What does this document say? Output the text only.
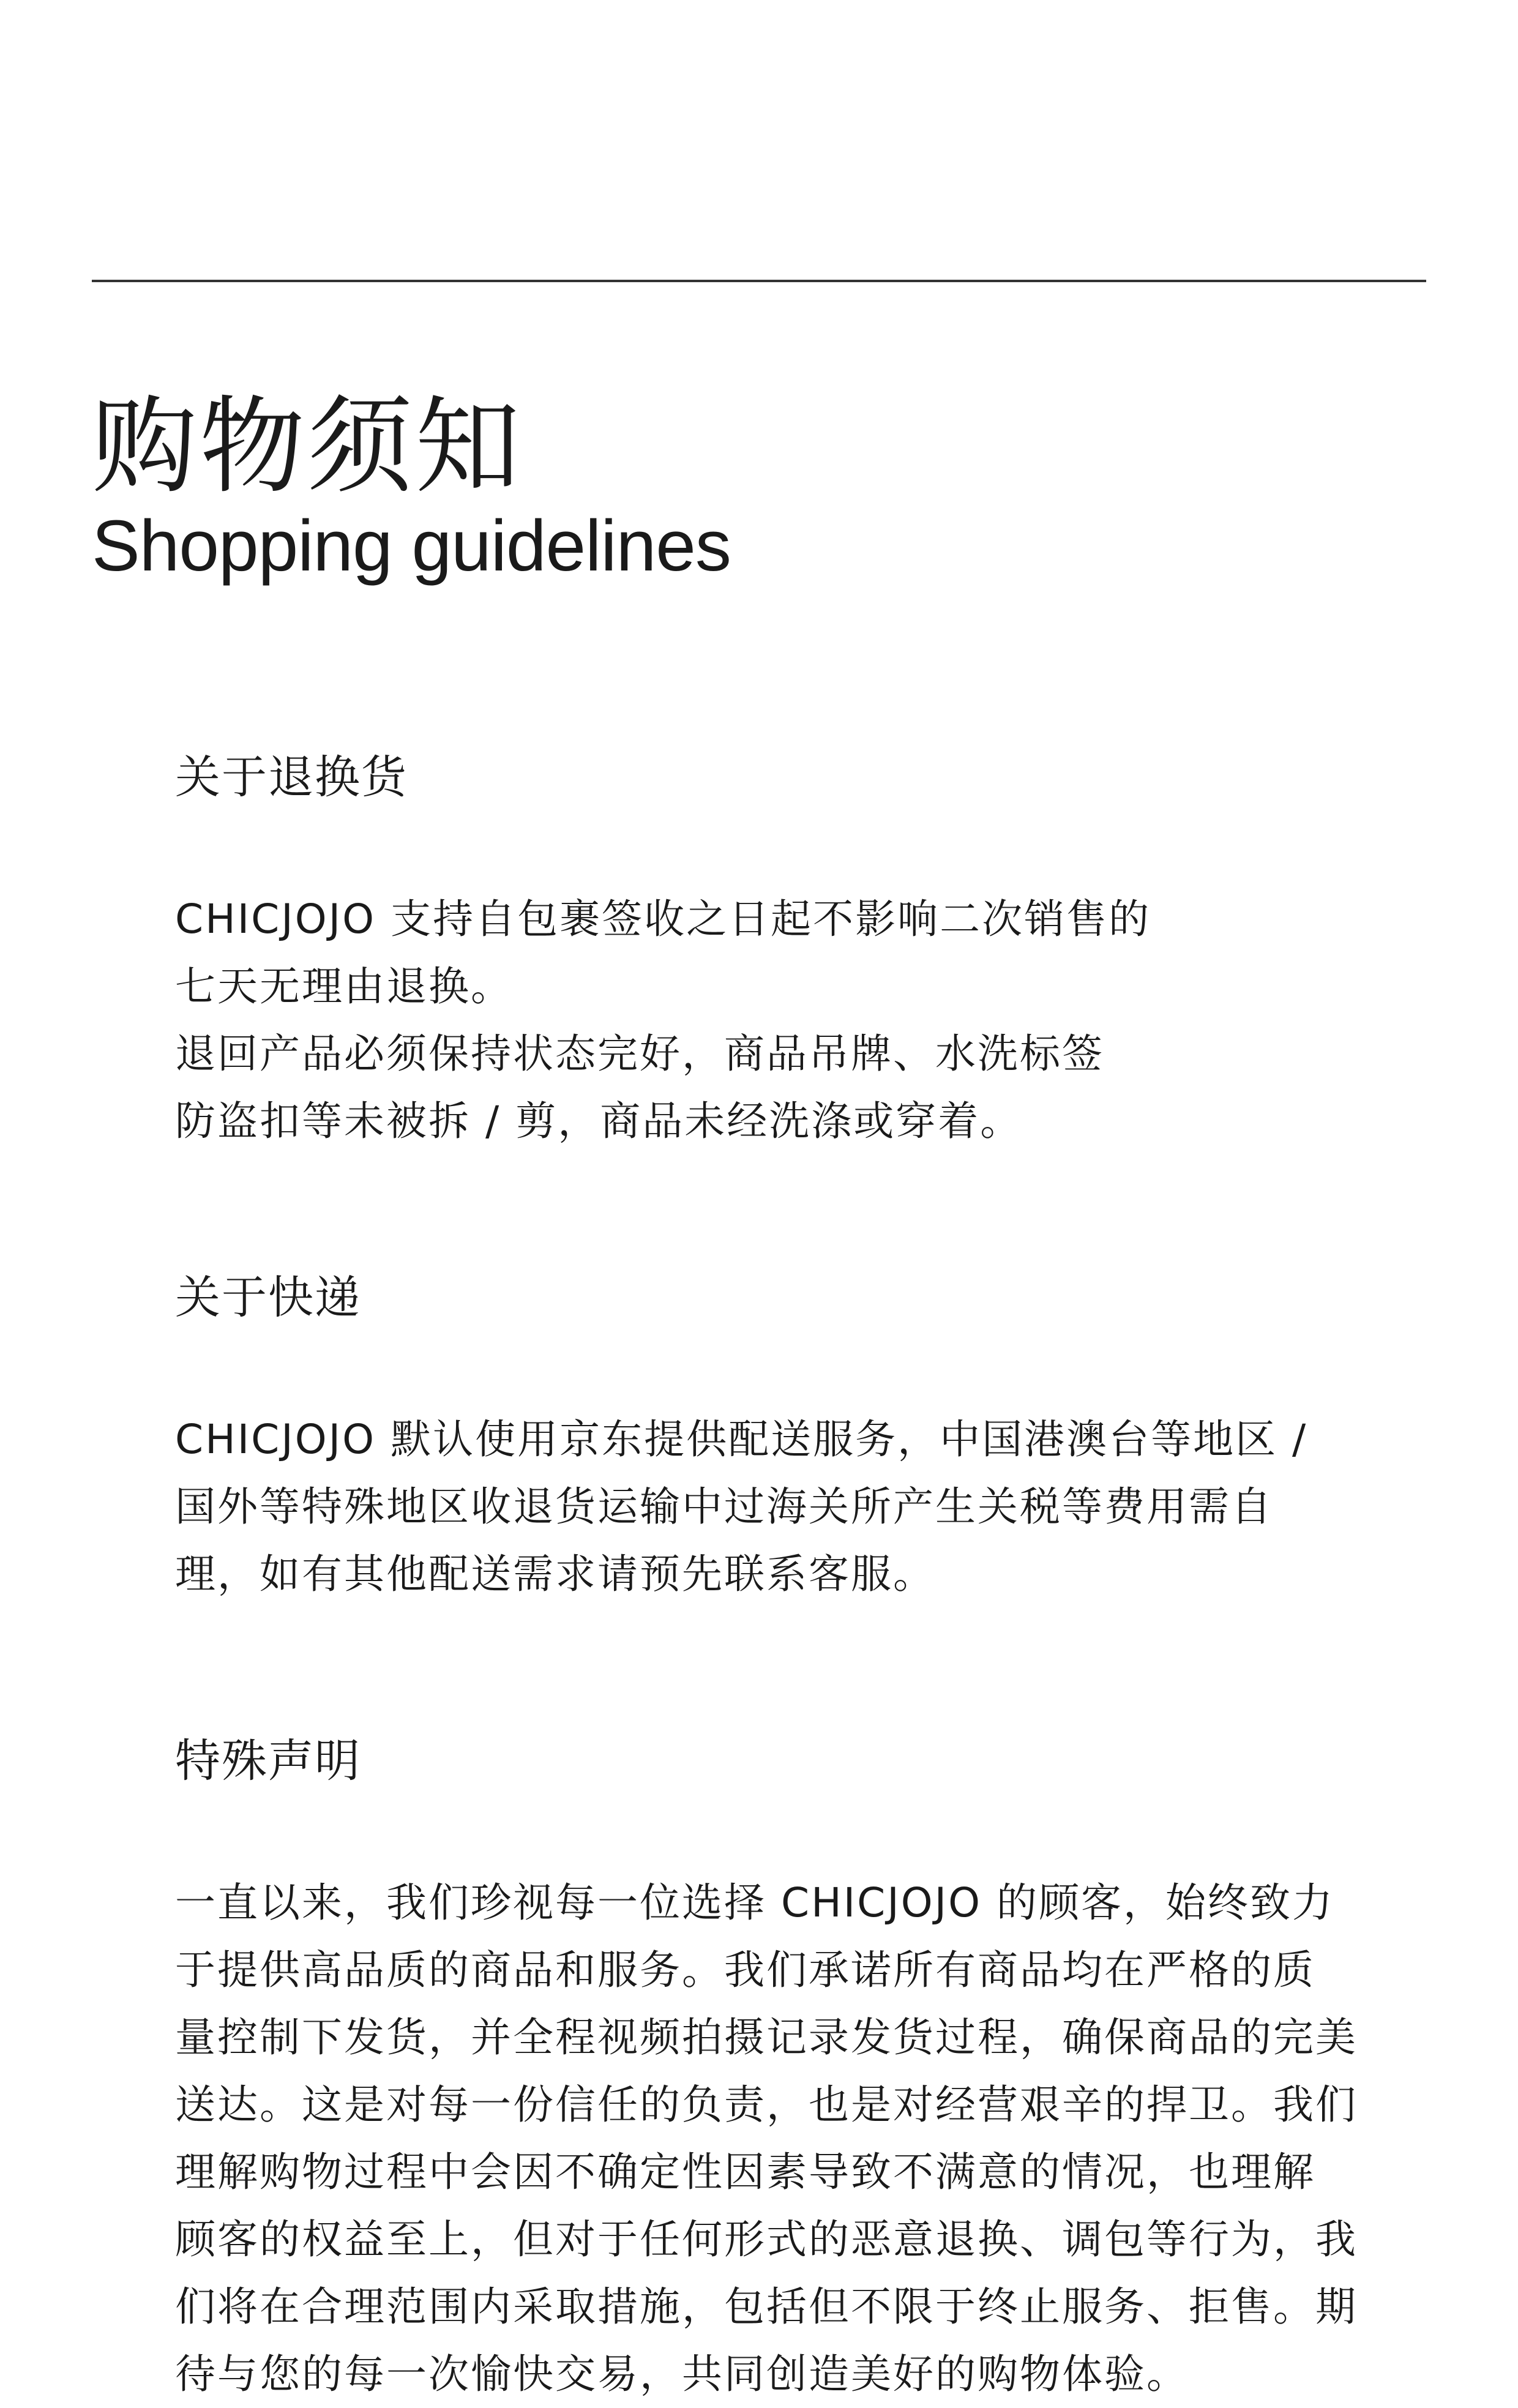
购物须知
Shopping guidelines
关于退换货

CHICJOJO 支持自包裹签收之日起不影响二次销售的
七天无理由退换。
退回产品必须保持状态完好，商品吊牌、水洗标签
防盗扣等未被拆 / 剪，商品未经洗涤或穿着。

关于快递

CHICJOJO 默认使用京东提供配送服务，中国港澳台等地区 /
国外等特殊地区收退货运输中过海关所产生关税等费用需自
理，如有其他配送需求请预先联系客服。

特殊声明

一直以来，我们珍视每一位选择 CHICJOJO 的顾客，始终致力
于提供高品质的商品和服务。我们承诺所有商品均在严格的质
量控制下发货，并全程视频拍摄记录发货过程，确保商品的完美
送达。这是对每一份信任的负责，也是对经营艰辛的捍卫。我们
理解购物过程中会因不确定性因素导致不满意的情况，也理解
顾客的权益至上，但对于任何形式的恶意退换、调包等行为，我
们将在合理范围内采取措施，包括但不限于终止服务、拒售。期
待与您的每一次愉快交易，共同创造美好的购物体验。
